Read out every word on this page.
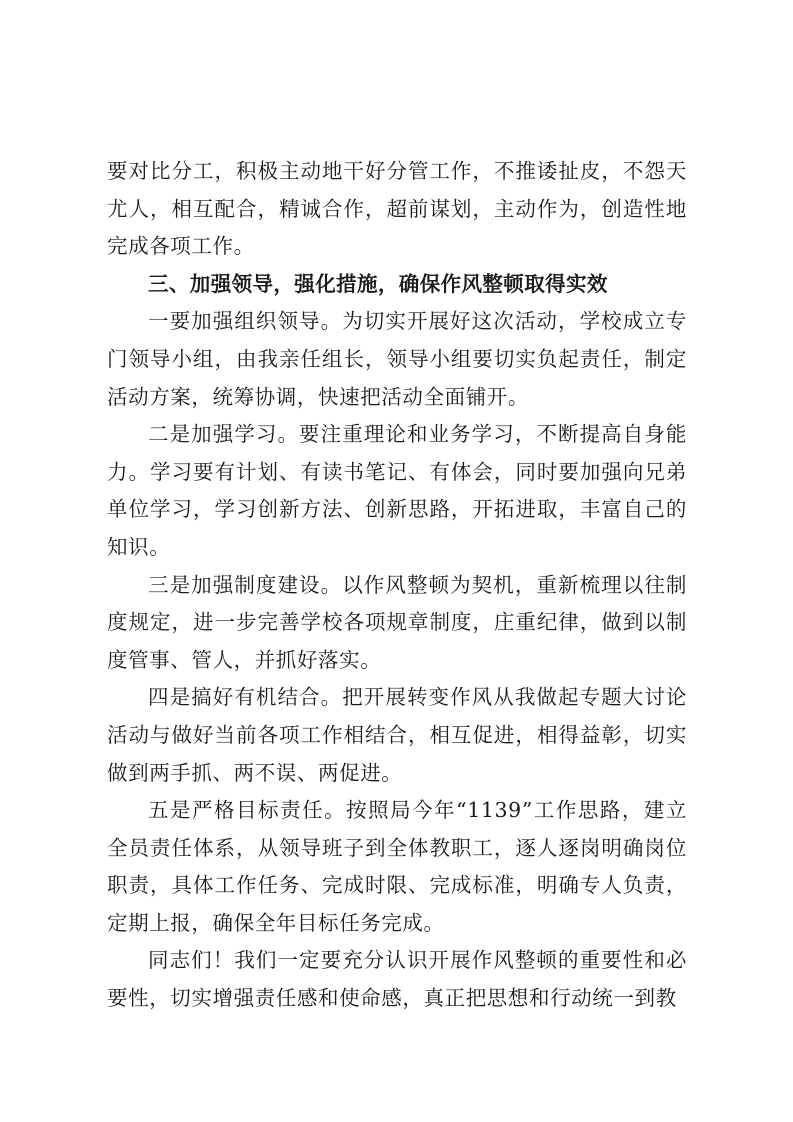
要对比分工，积极主动地干好分管工作，不推诿扯皮，不怨天尤人，相互配合，精诚合作，超前谋划，主动作为，创造性地完成各项工作。

三、加强领导，强化措施，确保作风整顿取得实效

一要加强组织领导。为切实开展好这次活动，学校成立专门领导小组，由我亲任组长，领导小组要切实负起责任，制定活动方案，统筹协调，快速把活动全面铺开。

二是加强学习。要注重理论和业务学习，不断提高自身能力。学习要有计划、有读书笔记、有体会，同时要加强向兄弟单位学习，学习创新方法、创新思路，开拓进取，丰富自己的知识。

三是加强制度建设。以作风整顿为契机，重新梳理以往制度规定，进一步完善学校各项规章制度，庄重纪律，做到以制度管事、管人，并抓好落实。

四是搞好有机结合。把开展转变作风从我做起专题大讨论活动与做好当前各项工作相结合，相互促进，相得益彰，切实做到两手抓、两不误、两促进。

五是严格目标责任。按照局今年“1139”工作思路，建立全员责任体系，从领导班子到全体教职工，逐人逐岗明确岗位职责，具体工作任务、完成时限、完成标准，明确专人负责，定期上报，确保全年目标任务完成。

同志们！我们一定要充分认识开展作风整顿的重要性和必要性，切实增强责任感和使命感，真正把思想和行动统一到教
